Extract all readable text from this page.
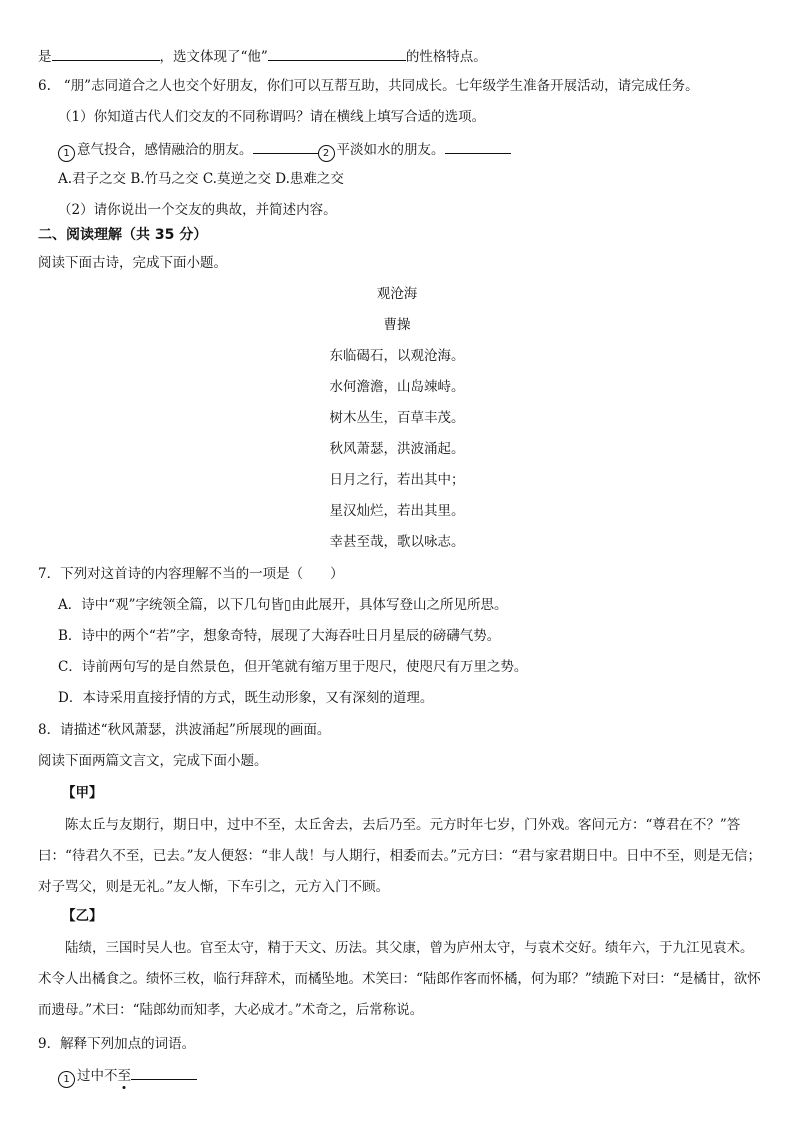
是	，选文体现了“他”	的性格特点。
6. “朋”志同道合之人也交个好朋友，你们可以互帮互助，共同成长。七年级学生准备开展活动，请完成任务。
（1）你知道古代人们交友的不同称谓吗？请在横线上填写合适的选项。
1 意气投合，感情融洽的朋友。	2 平淡如水的朋友。
A.君子之交 B.竹马之交 C.莫逆之交 D.患难之交
（2）请你说出一个交友的典故，并简述内容。
二、阅读理解（共 35 分）
阅读下面古诗，完成下面小题。
观沧海
曹操
东临碣石，以观沧海。
水何澹澹，山岛竦峙。
树木丛生，百草丰茂。
秋风萧瑟，洪波涌起。
日月之行，若出其中；
星汉灿烂，若出其里。
幸甚至哉，歌以咏志。
7．下列对这首诗的内容理解不当的一项是（　　）
A．诗中“观”字统领全篇，以下几句皆▯由此展开，具体写登山之所见所思。
B．诗中的两个“若”字，想象奇特，展现了大海吞吐日月星辰的磅礴气势。
C．诗前两句写的是自然景色，但开笔就有缩万里于咫尺，使咫尺有万里之势。
D．本诗采用直接抒情的方式，既生动形象，又有深刻的道理。
8．请描述“秋风萧瑟，洪波涌起”所展现的画面。
阅读下面两篇文言文，完成下面小题。
【甲】
陈太丘与友期行，期日中，过中不至，太丘舍去，去后乃至。元方时年七岁，门外戏。客问元方：“尊君在不？”答曰：“待君久不至，已去。”友人便怒：“非人哉！与人期行，相委而去。”元方曰：“君与家君期日中。日中不至，则是无信；对子骂父，则是无礼。”友人惭，下车引之，元方入门不顾。
【乙】
陆绩，三国时吴人也。官至太守，精于天文、历法。其父康，曾为庐州太守，与袁术交好。绩年六，于九江见袁术。术令人出橘食之。绩怀三枚，临行拜辞术，而橘坠地。术笑曰：“陆郎作客而怀橘，何为耶？”绩跪下对曰：“是橘甘，欲怀而遗母。”术曰：“陆郎幼而知孝，大必成才。”术奇之，后常称说。
9．解释下列加点的词语。
1 过中不至
